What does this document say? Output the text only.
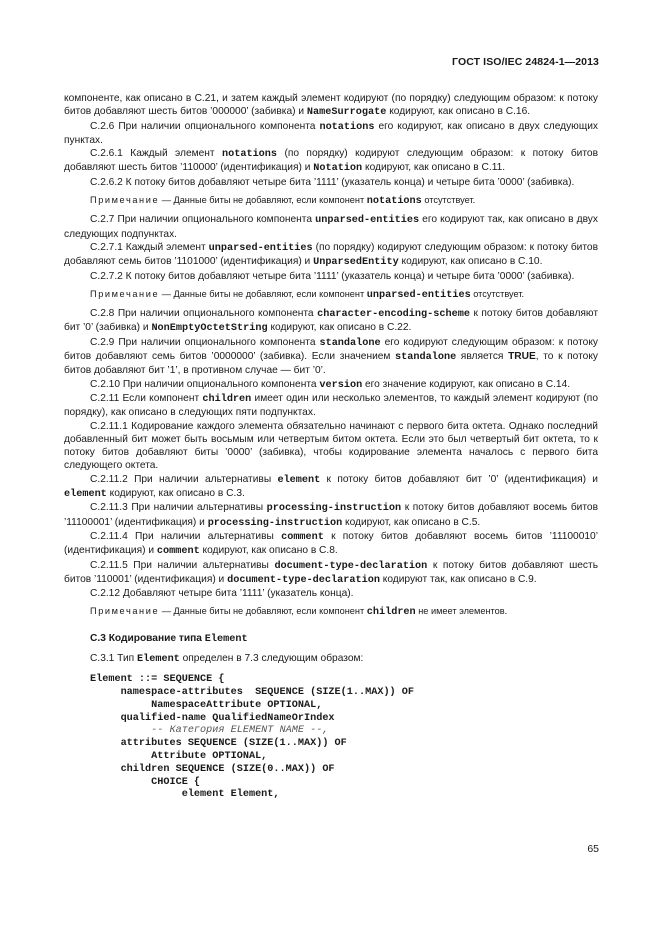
ГОСТ ISO/IEC 24824-1—2013

компоненте, как описано в С.21, и затем каждый элемент кодируют (по порядку) следующим образом: к потоку битов добавляют шесть битов ’000000’ (забивка) и NameSurrogate кодируют, как описано в С.16.

С.2.6 При наличии опционального компонента notations его кодируют, как описано в двух следующих пунктах.

С.2.6.1 Каждый элемент notations (по порядку) кодируют следующим образом: к потоку битов добавляют шесть битов ’110000’ (идентификация) и Notation кодируют, как описано в С.11.

С.2.6.2 К потоку битов добавляют четыре бита ’1111’ (указатель конца) и четыре бита ’0000’ (забивка).

Примечание — Данные биты не добавляют, если компонент notations отсутствует.

С.2.7 При наличии опционального компонента unparsed-entities его кодируют так, как описано в двух следующих подпунктах.

С.2.7.1 Каждый элемент unparsed-entities (по порядку) кодируют следующим образом: к потоку битов добавляют семь битов ’1101000’ (идентификация) и UnparsedEntity кодируют, как описано в С.10.

С.2.7.2 К потоку битов добавляют четыре бита ’1111’ (указатель конца) и четыре бита ’0000’ (забивка).

Примечание — Данные биты не добавляют, если компонент unparsed-entities отсутствует.

С.2.8 При наличии опционального компонента character-encoding-scheme к потоку битов добавляют бит ’0’ (забивка) и NonEmptyOctetString кодируют, как описано в С.22.

С.2.9 При наличии опционального компонента standalone его кодируют следующим образом: к потоку битов добавляют семь битов ’0000000’ (забивка). Если значением standalone является TRUE, то к потоку битов добавляют бит ’1’, в противном случае — бит ’0’.

С.2.10 При наличии опционального компонента version его значение кодируют, как описано в С.14.

С.2.11 Если компонент children имеет один или несколько элементов, то каждый элемент кодируют (по порядку), как описано в следующих пяти подпунктах.

С.2.11.1 Кодирование каждого элемента обязательно начинают с первого бита октета. Однако последний добавленный бит может быть восьмым или четвертым битом октета. Если это был четвертый бит октета, то к потоку битов добавляют биты ’0000’ (забивка), чтобы кодирование элемента началось с первого бита следующего октета.

С.2.11.2 При наличии альтернативы element к потоку битов добавляют бит ’0’ (идентификация) и element кодируют, как описано в С.3.

С.2.11.3 При наличии альтернативы processing-instruction к потоку битов добавляют восемь битов ’11100001’ (идентификация) и processing-instruction кодируют, как описано в С.5.

С.2.11.4 При наличии альтернативы comment к потоку битов добавляют восемь битов ’11100010’ (идентификация) и comment кодируют, как описано в С.8.

С.2.11.5 При наличии альтернативы document-type-declaration к потоку битов добавляют шесть битов ’110001’ (идентификация) и document-type-declaration кодируют так, как описано в С.9.

С.2.12 Добавляют четыре бита ’1111’ (указатель конца).

Примечание — Данные биты не добавляют, если компонент children не имеет элементов.

С.3 Кодирование типа Element

С.3.1 Тип Element определен в 7.3 следующим образом:

Element ::= SEQUENCE {
namespace-attributes  SEQUENCE (SIZE(1..MAX)) OF
NamespaceAttribute OPTIONAL,
qualified-name QualifiedNameOrIndex
-- Категория ELEMENT NAME --,
attributes SEQUENCE (SIZE(1..MAX)) OF
Attribute OPTIONAL,
children SEQUENCE (SIZE(0..MAX)) OF
CHOICE {
element Element,
65
